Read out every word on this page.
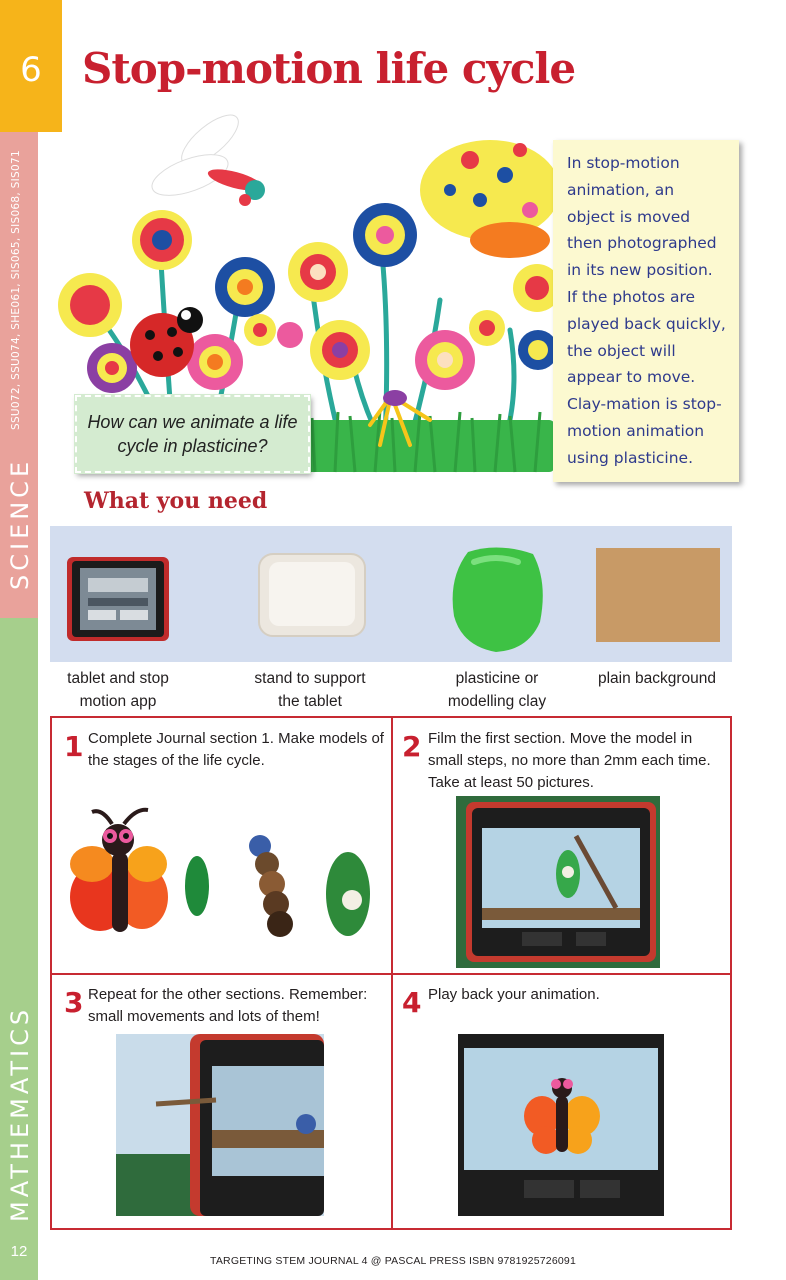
6
SCIENCE
SSU072, SSU074, SHE061, SIS065, SIS068, SIS071
MATHEMATICS
12
Stop-motion life cycle
In stop-motion
animation, an
object is moved
then photographed
in its new position.
If the photos are
played back quickly,
the object will
appear to move.
Clay-mation is stop-
motion animation
using plasticine.
How can we animate a life cycle in plasticine?
What you need
tablet and stop
motion app
stand to support
the tablet
plasticine or
modelling clay
plain background
1 Complete Journal section 1. Make models of
the stages of the life cycle.	2 Film the first section. Move the model in
small steps, no more than 2mm each time.
Take at least 50 pictures.
3 Repeat for the other sections. Remember:
small movements and lots of them!	4 Play back your animation.
TARGETING STEM JOURNAL 4 @ PASCAL PRESS ISBN 9781925726091
